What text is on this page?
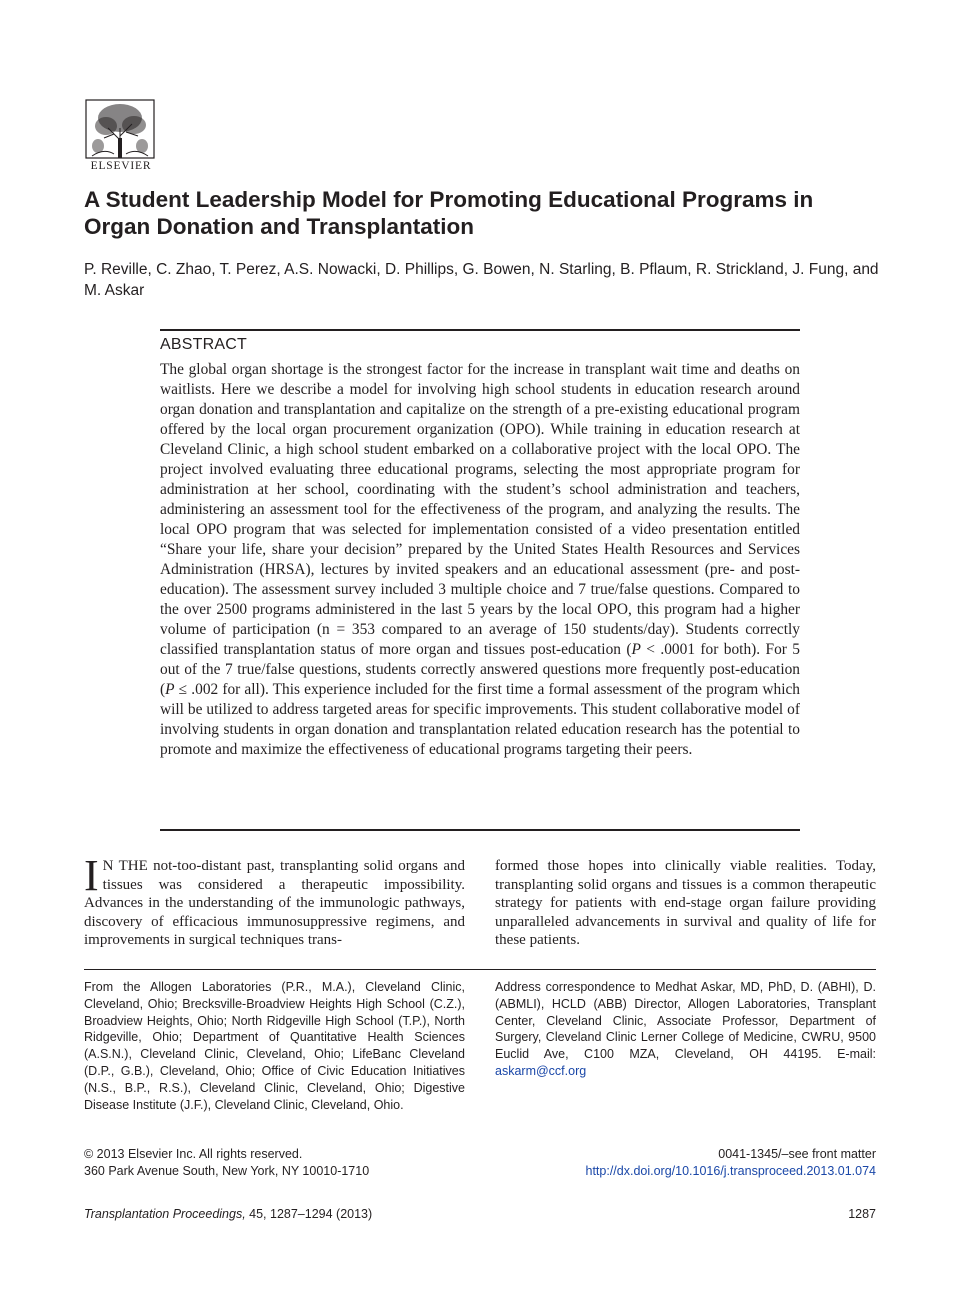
ELSEVIER
A Student Leadership Model for Promoting Educational Programs in Organ Donation and Transplantation
P. Reville, C. Zhao, T. Perez, A.S. Nowacki, D. Phillips, G. Bowen, N. Starling, B. Pflaum, R. Strickland, J. Fung, and M. Askar
ABSTRACT
The global organ shortage is the strongest factor for the increase in transplant wait time and deaths on waitlists. Here we describe a model for involving high school students in education research around organ donation and transplantation and capitalize on the strength of a pre-existing educational program offered by the local organ procurement organization (OPO). While training in education research at Cleveland Clinic, a high school student embarked on a collaborative project with the local OPO. The project involved evaluating three educational programs, selecting the most appropriate program for administration at her school, coordinating with the student’s school administration and teachers, administering an assessment tool for the effectiveness of the program, and analyzing the results. The local OPO program that was selected for implementation consisted of a video presentation entitled “Share your life, share your decision” prepared by the United States Health Resources and Services Administration (HRSA), lectures by invited speakers and an educational assessment (pre- and post-education). The assessment survey included 3 multiple choice and 7 true/false questions. Compared to the over 2500 programs administered in the last 5 years by the local OPO, this program had a higher volume of participation (n = 353 compared to an average of 150 students/day). Students correctly classified transplantation status of more organ and tissues post-education (P < .0001 for both). For 5 out of the 7 true/false questions, students correctly answered questions more frequently post-education (P ≤ .002 for all). This experience included for the first time a formal assessment of the program which will be utilized to address targeted areas for specific improvements. This student collaborative model of involving students in organ donation and transplantation related education research has the potential to promote and maximize the effectiveness of educational programs targeting their peers.
I N THE not-too-distant past, transplanting solid organs and tissues was considered a therapeutic impossibility. Advances in the understanding of the immunologic pathways, discovery of efficacious immunosuppressive regimens, and improvements in surgical techniques trans-
formed those hopes into clinically viable realities. Today, transplanting solid organs and tissues is a common therapeutic strategy for patients with end-stage organ failure providing unparalleled advancements in survival and quality of life for these patients.
From the Allogen Laboratories (P.R., M.A.), Cleveland Clinic, Cleveland, Ohio; Brecksville-Broadview Heights High School (C.Z.), Broadview Heights, Ohio; North Ridgeville High School (T.P.), North Ridgeville, Ohio; Department of Quantitative Health Sciences (A.S.N.), Cleveland Clinic, Cleveland, Ohio; LifeBanc Cleveland (D.P., G.B.), Cleveland, Ohio; Office of Civic Education Initiatives (N.S., B.P., R.S.), Cleveland Clinic, Cleveland, Ohio; Digestive Disease Institute (J.F.), Cleveland Clinic, Cleveland, Ohio.
Address correspondence to Medhat Askar, MD, PhD, D. (ABHI), D. (ABMLI), HCLD (ABB) Director, Allogen Laboratories, Transplant Center, Cleveland Clinic, Associate Professor, Department of Surgery, Cleveland Clinic Lerner College of Medicine, CWRU, 9500 Euclid Ave, C100 MZA, Cleveland, OH 44195. E-mail: askarm@ccf.org
© 2013 Elsevier Inc. All rights reserved.
360 Park Avenue South, New York, NY 10010-1710
0041-1345/–see front matter
http://dx.doi.org/10.1016/j.transproceed.2013.01.074
Transplantation Proceedings, 45, 1287–1294 (2013)	1287
